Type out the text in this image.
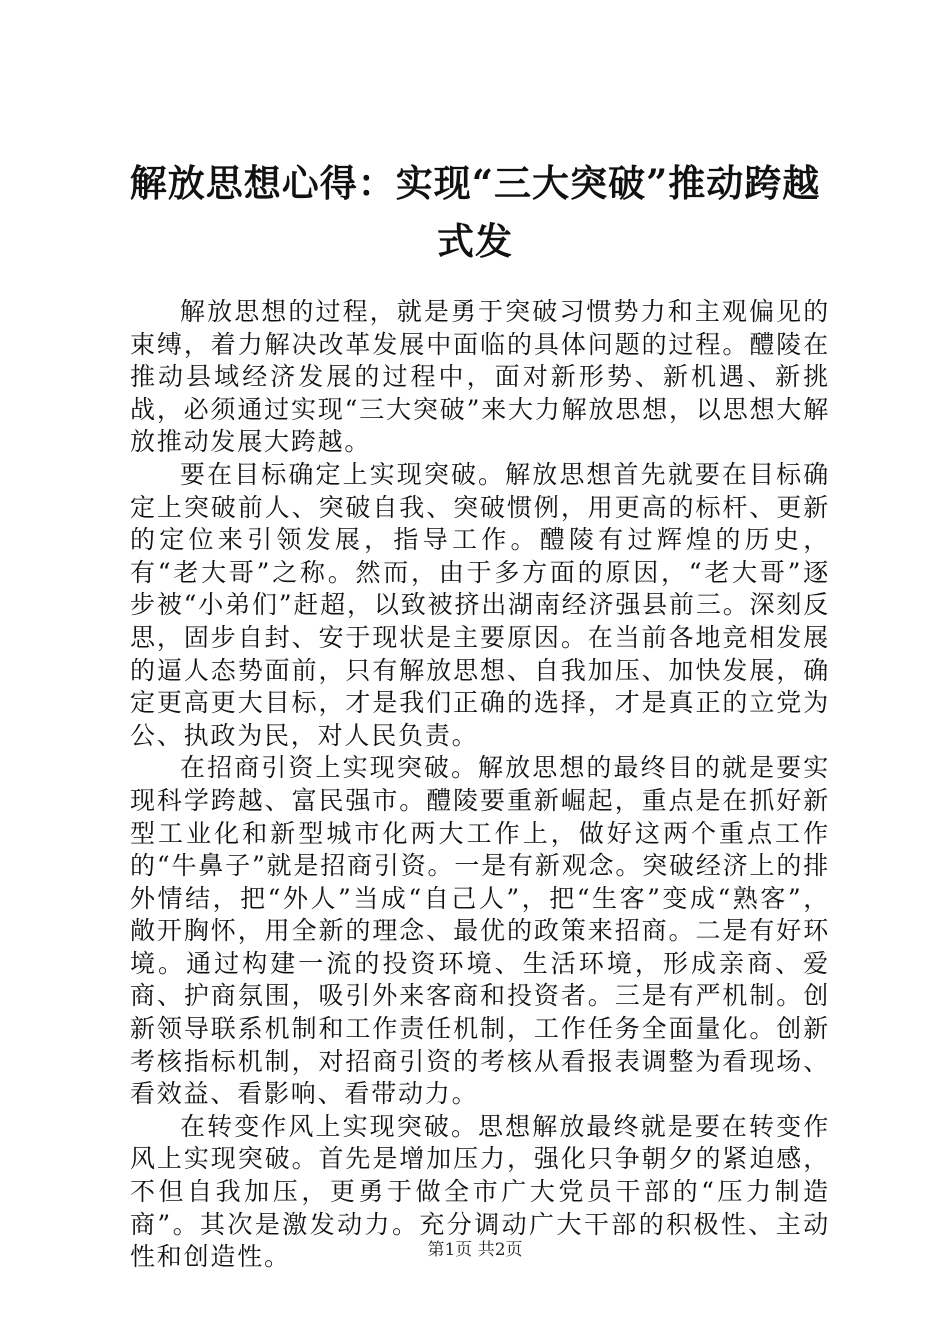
解放思想心得：实现“三大突破”推动跨越式发

解放思想的过程，就是勇于突破习惯势力和主观偏见的束缚，着力解决改革发展中面临的具体问题的过程。醴陵在推动县域经济发展的过程中，面对新形势、新机遇、新挑战，必须通过实现“三大突破”来大力解放思想，以思想大解放推动发展大跨越。

要在目标确定上实现突破。解放思想首先就要在目标确定上突破前人、突破自我、突破惯例，用更高的标杆、更新的定位来引领发展，指导工作。醴陵有过辉煌的历史，有“老大哥”之称。然而，由于多方面的原因，“老大哥”逐步被“小弟们”赶超，以致被挤出湖南经济强县前三。深刻反思，固步自封、安于现状是主要原因。在当前各地竞相发展的逼人态势面前，只有解放思想、自我加压、加快发展，确定更高更大目标，才是我们正确的选择，才是真正的立党为公、执政为民，对人民负责。

在招商引资上实现突破。解放思想的最终目的就是要实现科学跨越、富民强市。醴陵要重新崛起，重点是在抓好新型工业化和新型城市化两大工作上，做好这两个重点工作的“牛鼻子”就是招商引资。一是有新观念。突破经济上的排外情结，把“外人”当成“自己人”，把“生客”变成“熟客”，敞开胸怀，用全新的理念、最优的政策来招商。二是有好环境。通过构建一流的投资环境、生活环境，形成亲商、爱商、护商氛围，吸引外来客商和投资者。三是有严机制。创新领导联系机制和工作责任机制，工作任务全面量化。创新考核指标机制，对招商引资的考核从看报表调整为看现场、看效益、看影响、看带动力。

在转变作风上实现突破。思想解放最终就是要在转变作风上实现突破。首先是增加压力，强化只争朝夕的紧迫感，不但自我加压，更勇于做全市广大党员干部的“压力制造商”。其次是激发动力。充分调动广大干部的积极性、主动性和创造性。	第1页 共2页
